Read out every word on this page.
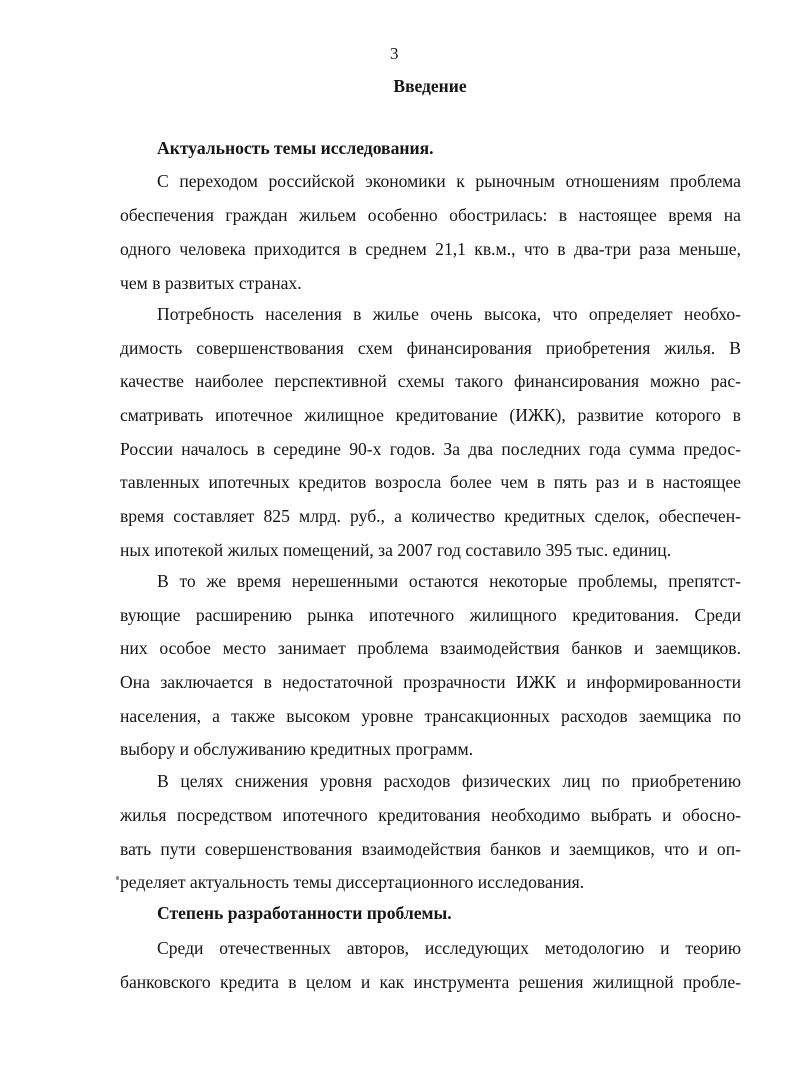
3
Введение
Актуальность темы исследования.
С переходом российской экономики к рыночным отношениям проблема
обеспечения граждан жильем особенно обострилась: в настоящее время на
одного человека приходится в среднем 21,1 кв.м., что в два-три раза меньше,
чем в развитых странах.
Потребность населения в жилье очень высока, что определяет необхо-
димость совершенствования схем финансирования приобретения жилья. В
качестве наиболее перспективной схемы такого финансирования можно рас-
сматривать ипотечное жилищное кредитование (ИЖК), развитие которого в
России началось в середине 90-х годов. За два последних года сумма предос-
тавленных ипотечных кредитов возросла более чем в пять раз и в настоящее
время составляет 825 млрд. руб., а количество кредитных сделок, обеспечен-
ных ипотекой жилых помещений, за 2007 год составило 395 тыс. единиц.
В то же время нерешенными остаются некоторые проблемы, препятст-
вующие расширению рынка ипотечного жилищного кредитования. Среди
них особое место занимает проблема взаимодействия банков и заемщиков.
Она заключается в недостаточной прозрачности ИЖК и информированности
населения, а также высоком уровне трансакционных расходов заемщика по
выбору и обслуживанию кредитных программ.
В целях снижения уровня расходов физических лиц по приобретению
жилья посредством ипотечного кредитования необходимо выбрать и обосно-
вать пути совершенствования взаимодействия банков и заемщиков, что и оп-
ределяет актуальность темы диссертационного исследования.
Степень разработанности проблемы.
Среди отечественных авторов, исследующих методологию и теорию
банковского кредита в целом и как инструмента решения жилищной пробле-
